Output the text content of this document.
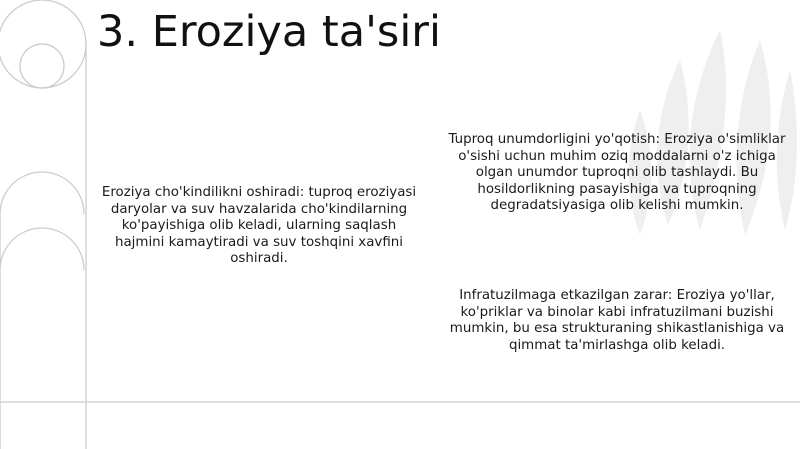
3. Eroziya ta'siri

Eroziya cho'kindilikni oshiradi: tuproq eroziyasi daryolar va suv havzalarida cho'kindilarning ko'payishiga olib keladi, ularning saqlash hajmini kamaytiradi va suv toshqini xavfini oshiradi.

Tuproq unumdorligini yo'qotish: Eroziya o'simliklar o'sishi uchun muhim oziq moddalarni o'z ichiga olgan unumdor tuproqni olib tashlaydi. Bu hosildorlikning pasayishiga va tuproqning degradatsiyasiga olib kelishi mumkin.

Infratuzilmaga etkazilgan zarar: Eroziya yo'llar, ko'priklar va binolar kabi infratuzilmani buzishi mumkin, bu esa strukturaning shikastlanishiga va qimmat ta'mirlashga olib keladi.
